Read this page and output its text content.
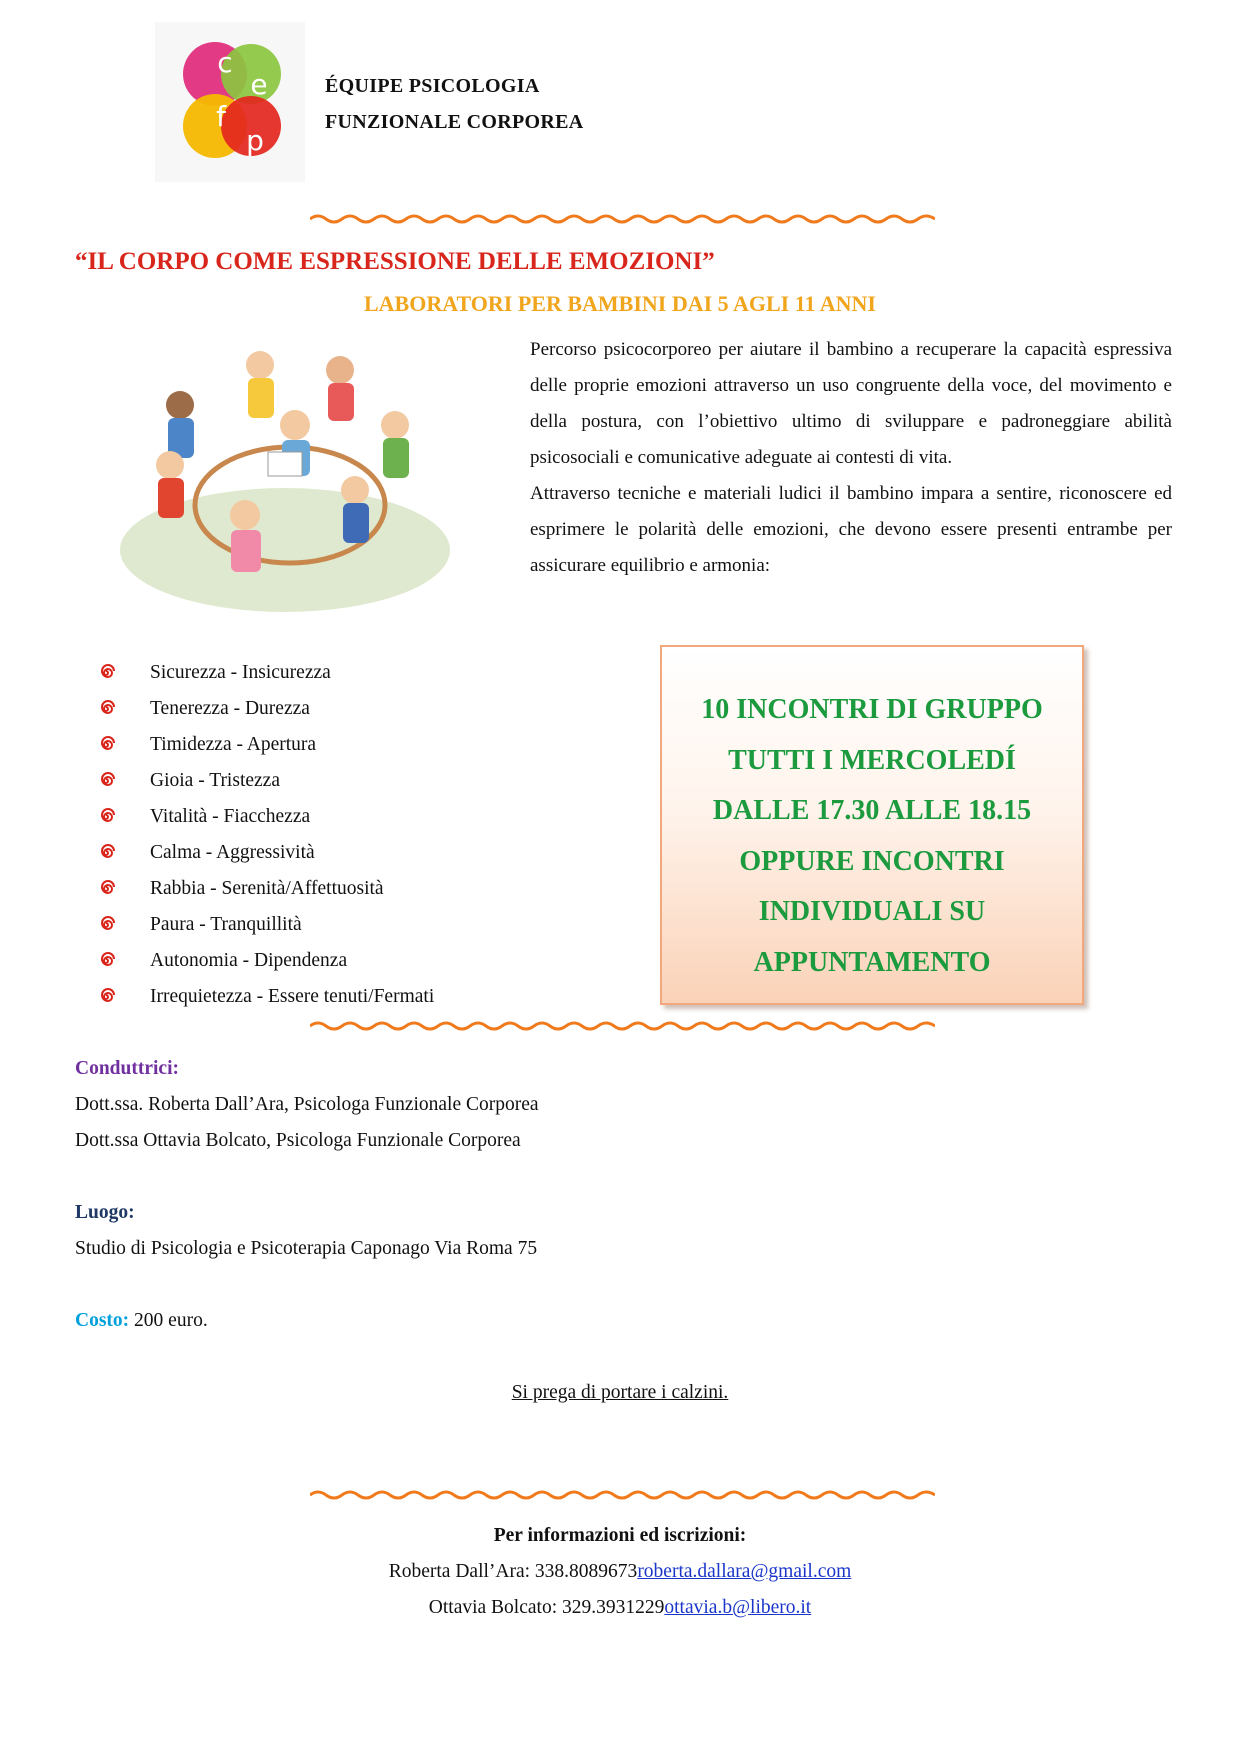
c
e
f
p
ÉQUIPE PSICOLOGIA
FUNZIONALE CORPOREA
“IL CORPO COME ESPRESSIONE DELLE EMOZIONI”
LABORATORI PER BAMBINI DAI 5 AGLI 11 ANNI

Percorso psicocorporeo per aiutare il bambino a recuperare la capacità espressiva delle proprie emozioni attraverso un uso congruente della voce, del movimento e della postura, con l’obiettivo ultimo di sviluppare e padroneggiare abilità psicosociali e comunicative adeguate ai contesti di vita.

Attraverso tecniche e materiali ludici il bambino impara a sentire, riconoscere ed esprimere le polarità delle emozioni, che devono essere presenti entrambe per assicurare equilibrio e armonia:

Sicurezza - Insicurezza
Tenerezza - Durezza
Timidezza - Apertura
Gioia - Tristezza
Vitalità - Fiacchezza
Calma - Aggressività
Rabbia - Serenità/Affettuosità
Paura - Tranquillità
Autonomia - Dipendenza
Irrequietezza - Essere tenuti/Fermati
10 INCONTRI DI GRUPPO
TUTTI I MERCOLEDÍ
DALLE 17.30 ALLE 18.15
OPPURE INCONTRI
INDIVIDUALI SU
APPUNTAMENTO
Conduttrici:
Dott.ssa. Roberta Dall’Ara, Psicologa Funzionale Corporea
Dott.ssa Ottavia Bolcato, Psicologa Funzionale Corporea
Luogo:
Studio di Psicologia e Psicoterapia Caponago Via Roma 75
Costo: 200 euro.
Si prega di portare i calzini.
Per informazioni ed iscrizioni:
Roberta Dall’Ara: 338.8089673roberta.dallara@gmail.com
Ottavia Bolcato: 329.3931229ottavia.b@libero.it
